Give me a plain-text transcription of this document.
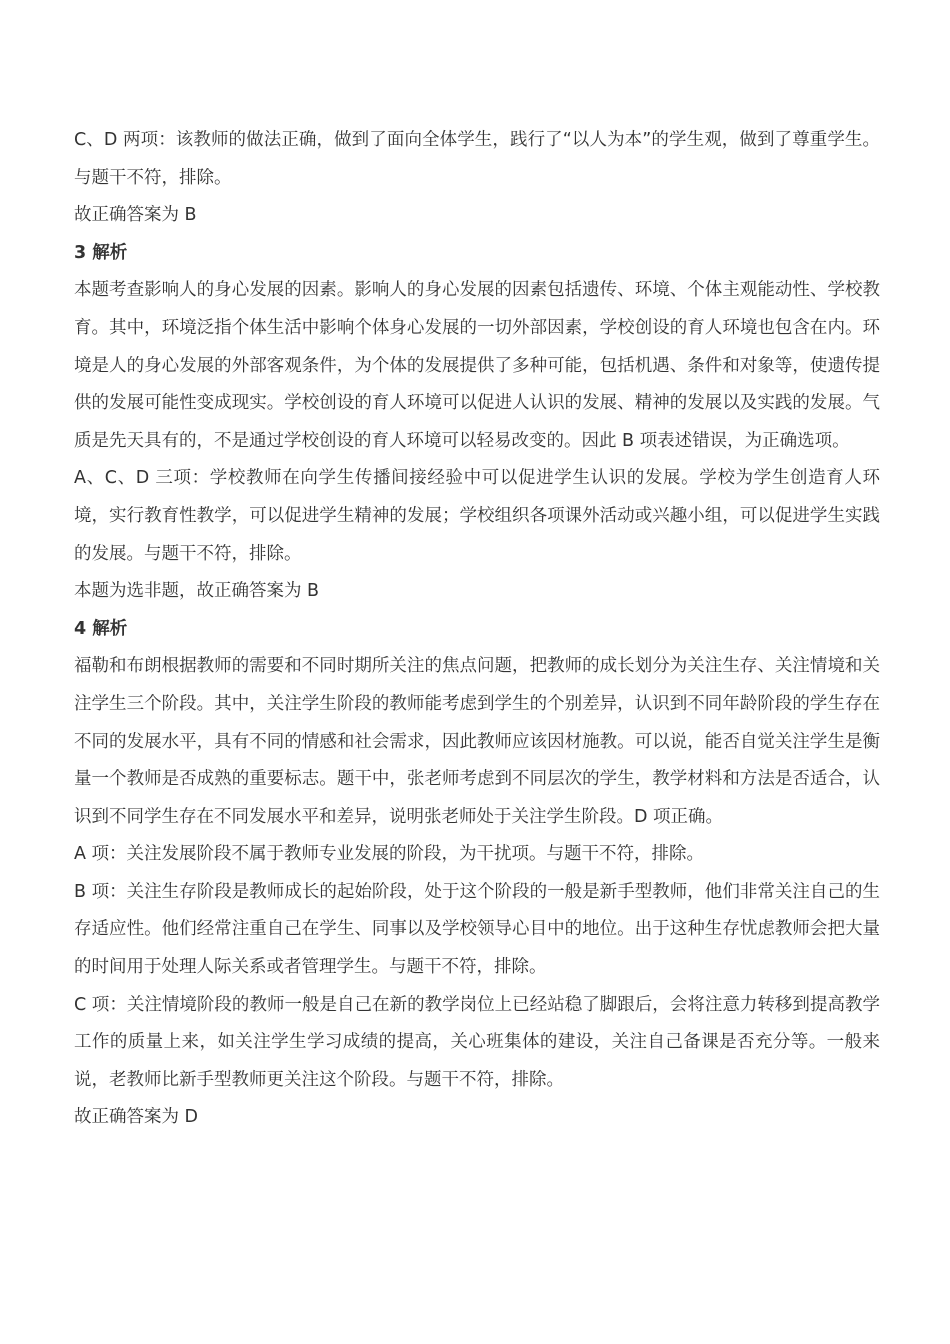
C、D 两项：该教师的做法正确，做到了面向全体学生，践行了“以人为本”的学生观，做到了尊重学生。与题干不符，排除。

故正确答案为 B

3 解析

本题考查影响人的身心发展的因素。影响人的身心发展的因素包括遗传、环境、个体主观能动性、学校教育。其中，环境泛指个体生活中影响个体身心发展的一切外部因素，学校创设的育人环境也包含在内。环境是人的身心发展的外部客观条件，为个体的发展提供了多种可能，包括机遇、条件和对象等，使遗传提供的发展可能性变成现实。学校创设的育人环境可以促进人认识的发展、精神的发展以及实践的发展。气质是先天具有的，不是通过学校创设的育人环境可以轻易改变的。因此 B 项表述错误，为正确选项。

A、C、D 三项：学校教师在向学生传播间接经验中可以促进学生认识的发展。学校为学生创造育人环境，实行教育性教学，可以促进学生精神的发展；学校组织各项课外活动或兴趣小组，可以促进学生实践的发展。与题干不符，排除。

本题为选非题，故正确答案为 B

4 解析

福勒和布朗根据教师的需要和不同时期所关注的焦点问题，把教师的成长划分为关注生存、关注情境和关注学生三个阶段。其中，关注学生阶段的教师能考虑到学生的个别差异，认识到不同年龄阶段的学生存在不同的发展水平，具有不同的情感和社会需求，因此教师应该因材施教。可以说，能否自觉关注学生是衡量一个教师是否成熟的重要标志。题干中，张老师考虑到不同层次的学生，教学材料和方法是否适合，认识到不同学生存在不同发展水平和差异，说明张老师处于关注学生阶段。D 项正确。

A 项：关注发展阶段不属于教师专业发展的阶段，为干扰项。与题干不符，排除。

B 项：关注生存阶段是教师成长的起始阶段，处于这个阶段的一般是新手型教师，他们非常关注自己的生存适应性。他们经常注重自己在学生、同事以及学校领导心目中的地位。出于这种生存忧虑教师会把大量的时间用于处理人际关系或者管理学生。与题干不符，排除。

C 项：关注情境阶段的教师一般是自己在新的教学岗位上已经站稳了脚跟后，会将注意力转移到提高教学工作的质量上来，如关注学生学习成绩的提高，关心班集体的建设，关注自己备课是否充分等。一般来说，老教师比新手型教师更关注这个阶段。与题干不符，排除。

故正确答案为 D
